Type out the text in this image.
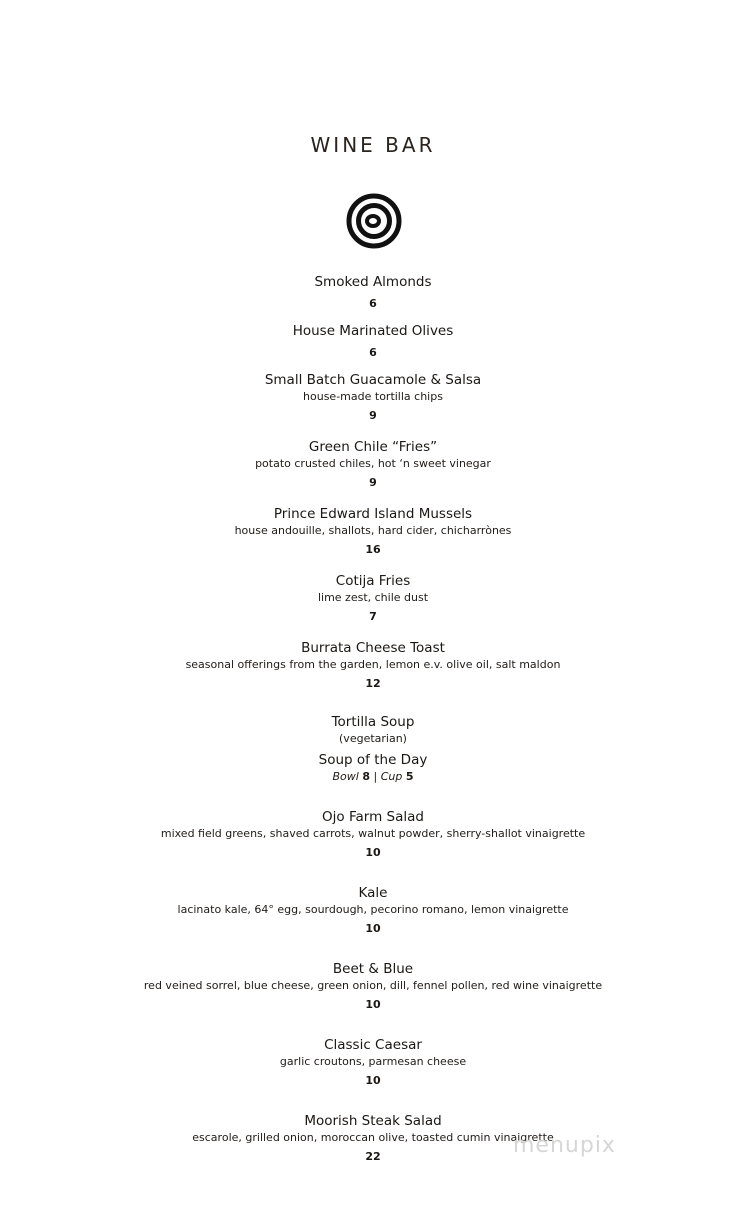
WINE BAR
Smoked Almonds
6
House Marinated Olives
6
Small Batch Guacamole & Salsa
house-made tortilla chips
9
Green Chile “Fries”
potato crusted chiles, hot ‘n sweet vinegar
9
Prince Edward Island Mussels
house andouille, shallots, hard cider, chicharrònes
16
Cotija Fries
lime zest, chile dust
7
Burrata Cheese Toast
seasonal offerings from the garden, lemon e.v. olive oil, salt maldon
12
Tortilla Soup
(vegetarian)
Soup of the Day
Bowl 8 | Cup 5
Ojo Farm Salad
mixed field greens, shaved carrots, walnut powder, sherry-shallot vinaigrette
10
Kale
lacinato kale, 64° egg, sourdough, pecorino romano, lemon vinaigrette
10
Beet & Blue
red veined sorrel, blue cheese, green onion, dill, fennel pollen, red wine vinaigrette
10
Classic Caesar
garlic croutons, parmesan cheese
10
Moorish Steak Salad
escarole, grilled onion, moroccan olive, toasted cumin vinaigrette
22	menupix
